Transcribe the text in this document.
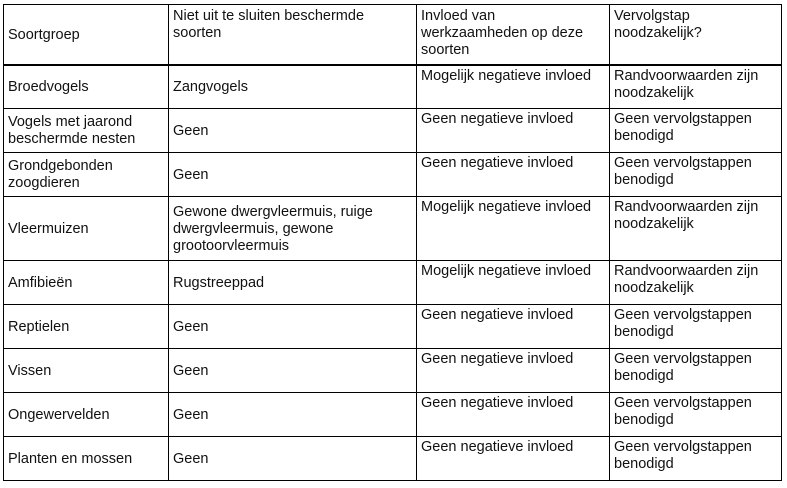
Soortgroep	Niet uit te sluiten beschermde soorten	Invloed van werkzaamheden op deze soorten	Vervolgstap noodzakelijk?
Broedvogels	Zangvogels	Mogelijk negatieve invloed	Randvoorwaarden zijn noodzakelijk
Vogels met jaarond beschermde nesten	Geen	Geen negatieve invloed	Geen vervolgstappen benodigd
Grondgebonden zoogdieren	Geen	Geen negatieve invloed	Geen vervolgstappen benodigd
Vleermuizen	Gewone dwergvleermuis, ruige dwergvleermuis, gewone grootoorvleermuis	Mogelijk negatieve invloed	Randvoorwaarden zijn noodzakelijk
Amfibieën	Rugstreeppad	Mogelijk negatieve invloed	Randvoorwaarden zijn noodzakelijk
Reptielen	Geen	Geen negatieve invloed	Geen vervolgstappen benodigd
Vissen	Geen	Geen negatieve invloed	Geen vervolgstappen benodigd
Ongewervelden	Geen	Geen negatieve invloed	Geen vervolgstappen benodigd
Planten en mossen	Geen	Geen negatieve invloed	Geen vervolgstappen benodigd
